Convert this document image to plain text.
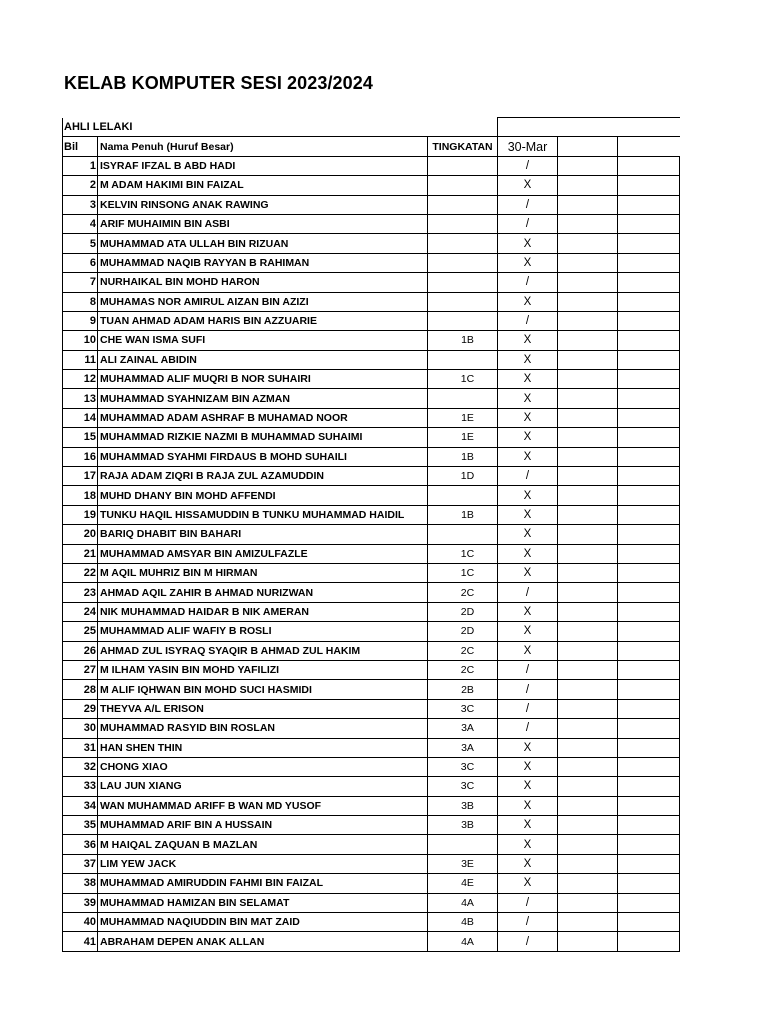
KELAB KOMPUTER SESI 2023/2024
AHLI LELAKI					
Bil	Nama Penuh (Huruf Besar)	TINGKATAN	30-Mar		
1	ISYRAF IFZAL B ABD HADI		/		
2	M ADAM HAKIMI BIN FAIZAL		X		
3	KELVIN RINSONG ANAK RAWING		/		
4	ARIF MUHAIMIN BIN ASBI		/		
5	MUHAMMAD ATA ULLAH BIN RIZUAN		X		
6	MUHAMMAD NAQIB RAYYAN B RAHIMAN		X		
7	NURHAIKAL BIN MOHD HARON		/		
8	MUHAMAS NOR AMIRUL AIZAN BIN AZIZI		X		
9	TUAN AHMAD ADAM HARIS BIN AZZUARIE		/		
10	CHE WAN ISMA SUFI	1B	X		
11	ALI ZAINAL ABIDIN		X		
12	MUHAMMAD ALIF MUQRI B NOR SUHAIRI	1C	X		
13	MUHAMMAD SYAHNIZAM BIN AZMAN		X		
14	MUHAMMAD ADAM ASHRAF B MUHAMAD NOOR	1E	X		
15	MUHAMMAD RIZKIE NAZMI B MUHAMMAD SUHAIMI	1E	X		
16	MUHAMMAD SYAHMI FIRDAUS B MOHD SUHAILI	1B	X		
17	RAJA ADAM ZIQRI B RAJA ZUL AZAMUDDIN	1D	/		
18	MUHD DHANY BIN MOHD AFFENDI		X		
19	TUNKU HAQIL HISSAMUDDIN B TUNKU MUHAMMAD HAIDIL	1B	X		
20	BARIQ DHABIT BIN BAHARI		X		
21	MUHAMMAD AMSYAR BIN AMIZULFAZLE	1C	X		
22	M AQIL MUHRIZ BIN M HIRMAN	1C	X		
23	AHMAD AQIL ZAHIR B AHMAD NURIZWAN	2C	/		
24	NIK MUHAMMAD HAIDAR B NIK AMERAN	2D	X		
25	MUHAMMAD ALIF WAFIY B ROSLI	2D	X		
26	AHMAD ZUL ISYRAQ SYAQIR B AHMAD ZUL HAKIM	2C	X		
27	M ILHAM YASIN BIN MOHD YAFILIZI	2C	/		
28	M ALIF IQHWAN BIN MOHD SUCI HASMIDI	2B	/		
29	THEYVA A/L ERISON	3C	/		
30	MUHAMMAD RASYID BIN ROSLAN	3A	/		
31	HAN SHEN THIN	3A	X		
32	CHONG XIAO	3C	X		
33	LAU JUN XIANG	3C	X		
34	WAN MUHAMMAD ARIFF B WAN MD YUSOF	3B	X		
35	MUHAMMAD ARIF BIN A HUSSAIN	3B	X		
36	M HAIQAL ZAQUAN B MAZLAN		X		
37	LIM YEW JACK	3E	X		
38	MUHAMMAD AMIRUDDIN FAHMI BIN FAIZAL	4E	X		
39	MUHAMMAD HAMIZAN BIN SELAMAT	4A	/		
40	MUHAMMAD NAQIUDDIN BIN MAT ZAID	4B	/		
41	ABRAHAM DEPEN ANAK ALLAN	4A	/		
